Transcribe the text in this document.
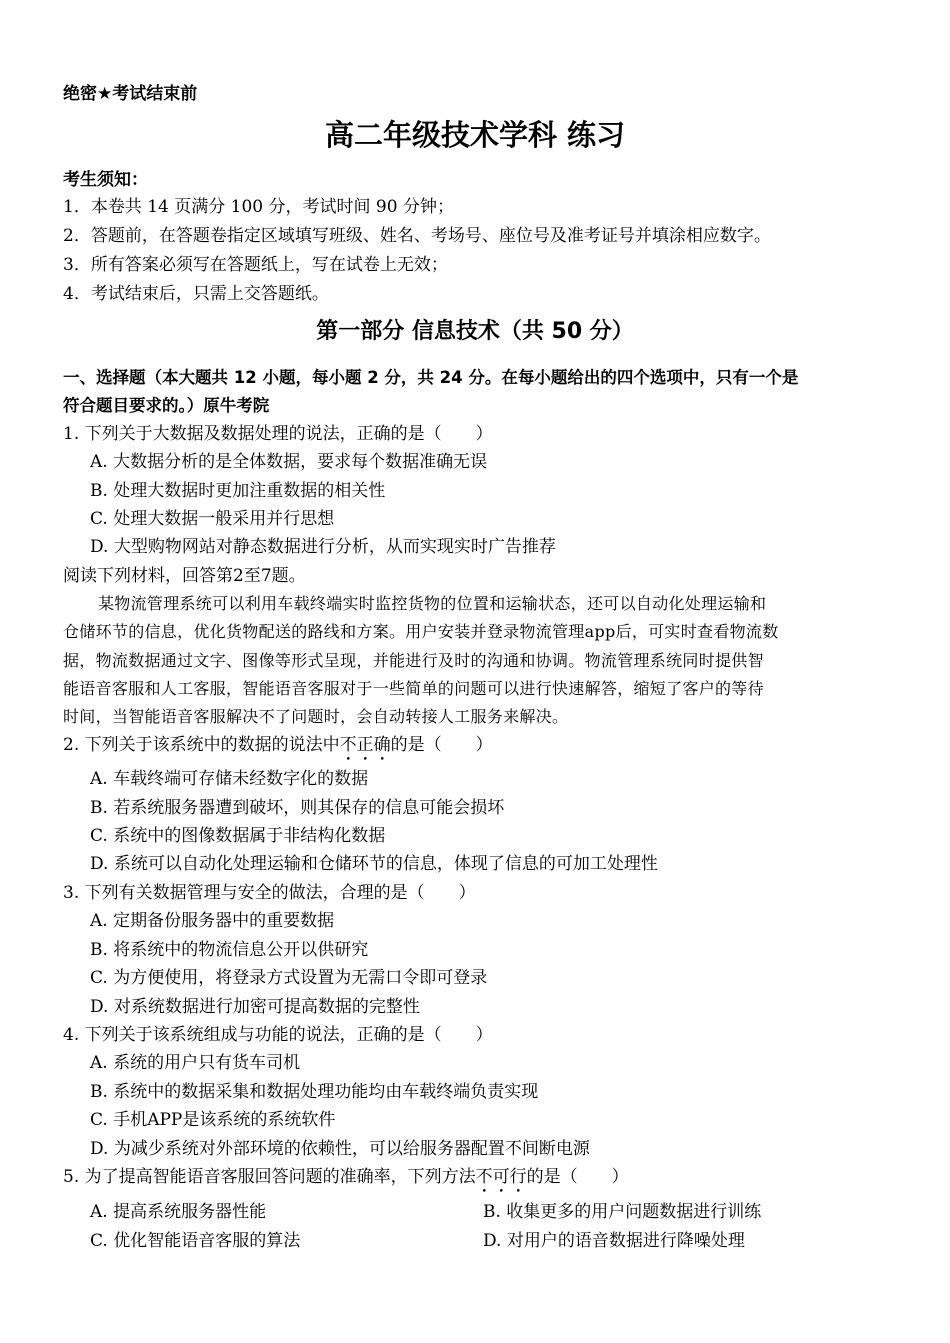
绝密★考试结束前
高二年级技术学科 练习
考生须知：
1．本卷共 14 页满分 100 分，考试时间 90 分钟；
2．答题前，在答题卷指定区域填写班级、姓名、考场号、座位号及准考证号并填涂相应数字。
3．所有答案必须写在答题纸上，写在试卷上无效；
4．考试结束后，只需上交答题纸。
第一部分 信息技术（共 50 分）
一、选择题（本大题共 12 小题，每小题 2 分，共 24 分。在每小题给出的四个选项中，只有一个是
符合题目要求的。）原牛考院
1. 下列关于大数据及数据处理的说法，正确的是（　　）
A. 大数据分析的是全体数据，要求每个数据准确无误
B. 处理大数据时更加注重数据的相关性
C. 处理大数据一般采用并行思想
D. 大型购物网站对静态数据进行分析，从而实现实时广告推荐
阅读下列材料，回答第2至7题。
某物流管理系统可以利用车载终端实时监控货物的位置和运输状态，还可以自动化处理运输和
仓储环节的信息，优化货物配送的路线和方案。用户安装并登录物流管理app后，可实时查看物流数
据，物流数据通过文字、图像等形式呈现，并能进行及时的沟通和协调。物流管理系统同时提供智
能语音客服和人工客服，智能语音客服对于一些简单的问题可以进行快速解答，缩短了客户的等待
时间，当智能语音客服解决不了问题时，会自动转接人工服务来解决。
2. 下列关于该系统中的数据的说法中不正确的是（　　）
A. 车载终端可存储未经数字化的数据
B. 若系统服务器遭到破坏，则其保存的信息可能会损坏
C. 系统中的图像数据属于非结构化数据
D. 系统可以自动化处理运输和仓储环节的信息，体现了信息的可加工处理性
3. 下列有关数据管理与安全的做法，合理的是（　　）
A. 定期备份服务器中的重要数据
B. 将系统中的物流信息公开以供研究
C. 为方便使用，将登录方式设置为无需口令即可登录
D. 对系统数据进行加密可提高数据的完整性
4. 下列关于该系统组成与功能的说法，正确的是（　　）
A. 系统的用户只有货车司机
B. 系统中的数据采集和数据处理功能均由车载终端负责实现
C. 手机APP是该系统的系统软件
D. 为减少系统对外部环境的依赖性，可以给服务器配置不间断电源
5. 为了提高智能语音客服回答问题的准确率，下列方法不可行的是（　　）
A. 提高系统服务器性能	B. 收集更多的用户问题数据进行训练
C. 优化智能语音客服的算法	D. 对用户的语音数据进行降噪处理
